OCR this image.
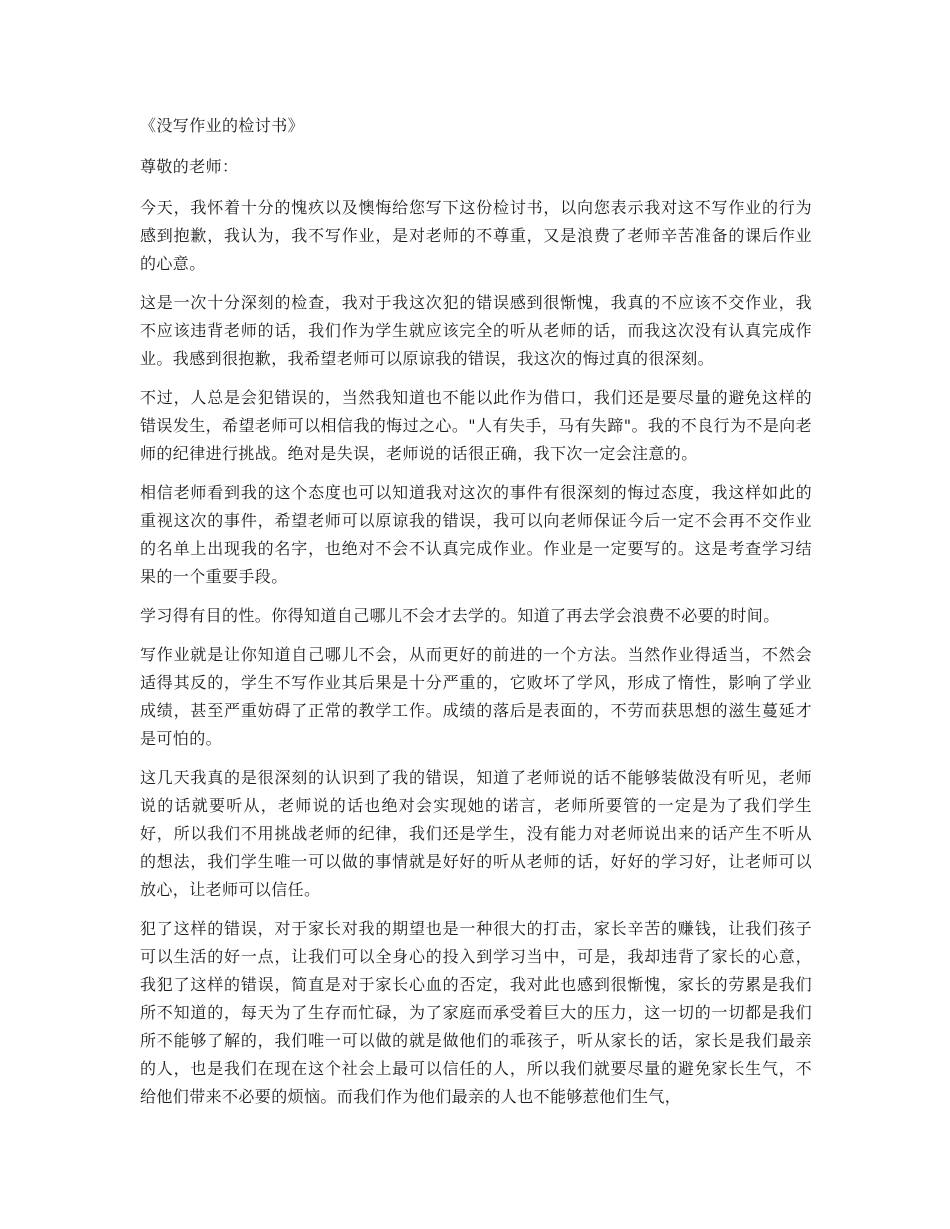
《没写作业的检讨书》

尊敬的老师：

今天，我怀着十分的愧疚以及懊悔给您写下这份检讨书，以向您表示我对这不写作业的行为感到抱歉，我认为，我不写作业，是对老师的不尊重，又是浪费了老师辛苦准备的课后作业的心意。

这是一次十分深刻的检查，我对于我这次犯的错误感到很惭愧，我真的不应该不交作业，我不应该违背老师的话，我们作为学生就应该完全的听从老师的话，而我这次没有认真完成作业。我感到很抱歉，我希望老师可以原谅我的错误，我这次的悔过真的很深刻。

不过，人总是会犯错误的，当然我知道也不能以此作为借口，我们还是要尽量的避免这样的错误发生，希望老师可以相信我的悔过之心。"人有失手，马有失蹄"。我的不良行为不是向老师的纪律进行挑战。绝对是失误，老师说的话很正确，我下次一定会注意的。

相信老师看到我的这个态度也可以知道我对这次的事件有很深刻的悔过态度，我这样如此的重视这次的事件，希望老师可以原谅我的错误，我可以向老师保证今后一定不会再不交作业的名单上出现我的名字，也绝对不会不认真完成作业。作业是一定要写的。这是考查学习结果的一个重要手段。

学习得有目的性。你得知道自己哪儿不会才去学的。知道了再去学会浪费不必要的时间。

写作业就是让你知道自己哪儿不会，从而更好的前进的一个方法。当然作业得适当，不然会适得其反的，学生不写作业其后果是十分严重的，它败坏了学风，形成了惰性，影响了学业成绩，甚至严重妨碍了正常的教学工作。成绩的落后是表面的，不劳而获思想的滋生蔓延才是可怕的。

这几天我真的是很深刻的认识到了我的错误，知道了老师说的话不能够装做没有听见，老师说的话就要听从，老师说的话也绝对会实现她的诺言，老师所要管的一定是为了我们学生好，所以我们不用挑战老师的纪律，我们还是学生，没有能力对老师说出来的话产生不听从的想法，我们学生唯一可以做的事情就是好好的听从老师的话，好好的学习好，让老师可以放心，让老师可以信任。

犯了这样的错误，对于家长对我的期望也是一种很大的打击，家长辛苦的赚钱，让我们孩子可以生活的好一点，让我们可以全身心的投入到学习当中，可是，我却违背了家长的心意，我犯了这样的错误，简直是对于家长心血的否定，我对此也感到很惭愧，家长的劳累是我们所不知道的，每天为了生存而忙碌，为了家庭而承受着巨大的压力，这一切的一切都是我们所不能够了解的，我们唯一可以做的就是做他们的乖孩子，听从家长的话，家长是我们最亲的人，也是我们在现在这个社会上最可以信任的人，所以我们就要尽量的避免家长生气，不给他们带来不必要的烦恼。而我们作为他们最亲的人也不能够惹他们生气，
